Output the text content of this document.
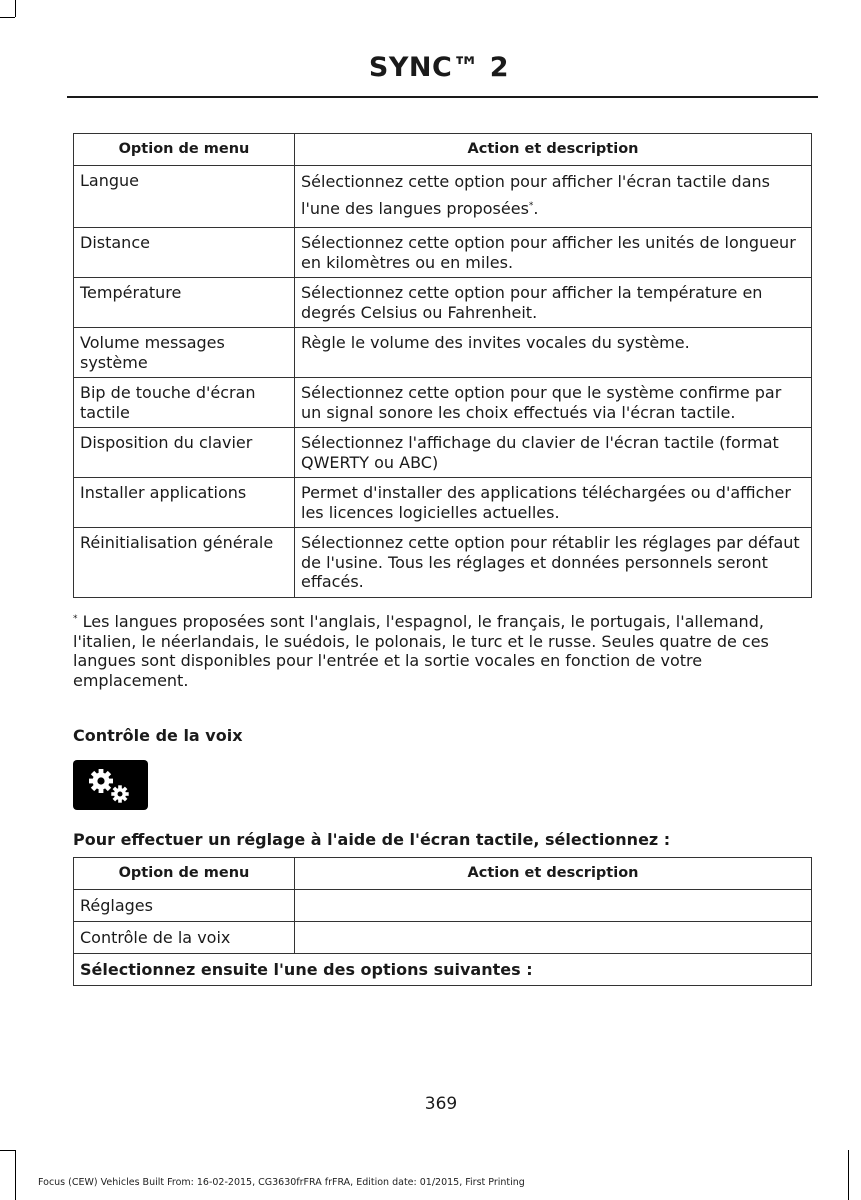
SYNC™ 2
Option de menu	Action et description
Langue	Sélectionnez cette option pour afficher l'écran tactile dans l'une des langues proposées*.
Distance	Sélectionnez cette option pour afficher les unités de longueur en kilomètres ou en miles.
Température	Sélectionnez cette option pour afficher la température en degrés Celsius ou Fahrenheit.
Volume messages système	Règle le volume des invites vocales du système.
Bip de touche d'écran tactile	Sélectionnez cette option pour que le système confirme par un signal sonore les choix effectués via l'écran tactile.
Disposition du clavier	Sélectionnez l'affichage du clavier de l'écran tactile (format QWERTY ou ABC)
Installer applications	Permet d'installer des applications téléchargées ou d'afficher les licences logicielles actuelles.
Réinitialisation générale	Sélectionnez cette option pour rétablir les réglages par défaut de l'usine. Tous les réglages et données personnels seront effacés.
* Les langues proposées sont l'anglais, l'espagnol, le français, le portugais, l'allemand, l'italien, le néerlandais, le suédois, le polonais, le turc et le russe. Seules quatre de ces langues sont disponibles pour l'entrée et la sortie vocales en fonction de votre emplacement.
Contrôle de la voix
Pour effectuer un réglage à l'aide de l'écran tactile, sélectionnez :
Option de menu	Action et description
Réglages	
Contrôle de la voix	
Sélectionnez ensuite l'une des options suivantes :	
369
Focus (CEW) Vehicles Built From: 16-02-2015, CG3630frFRA frFRA, Edition date: 01/2015, First Printing
